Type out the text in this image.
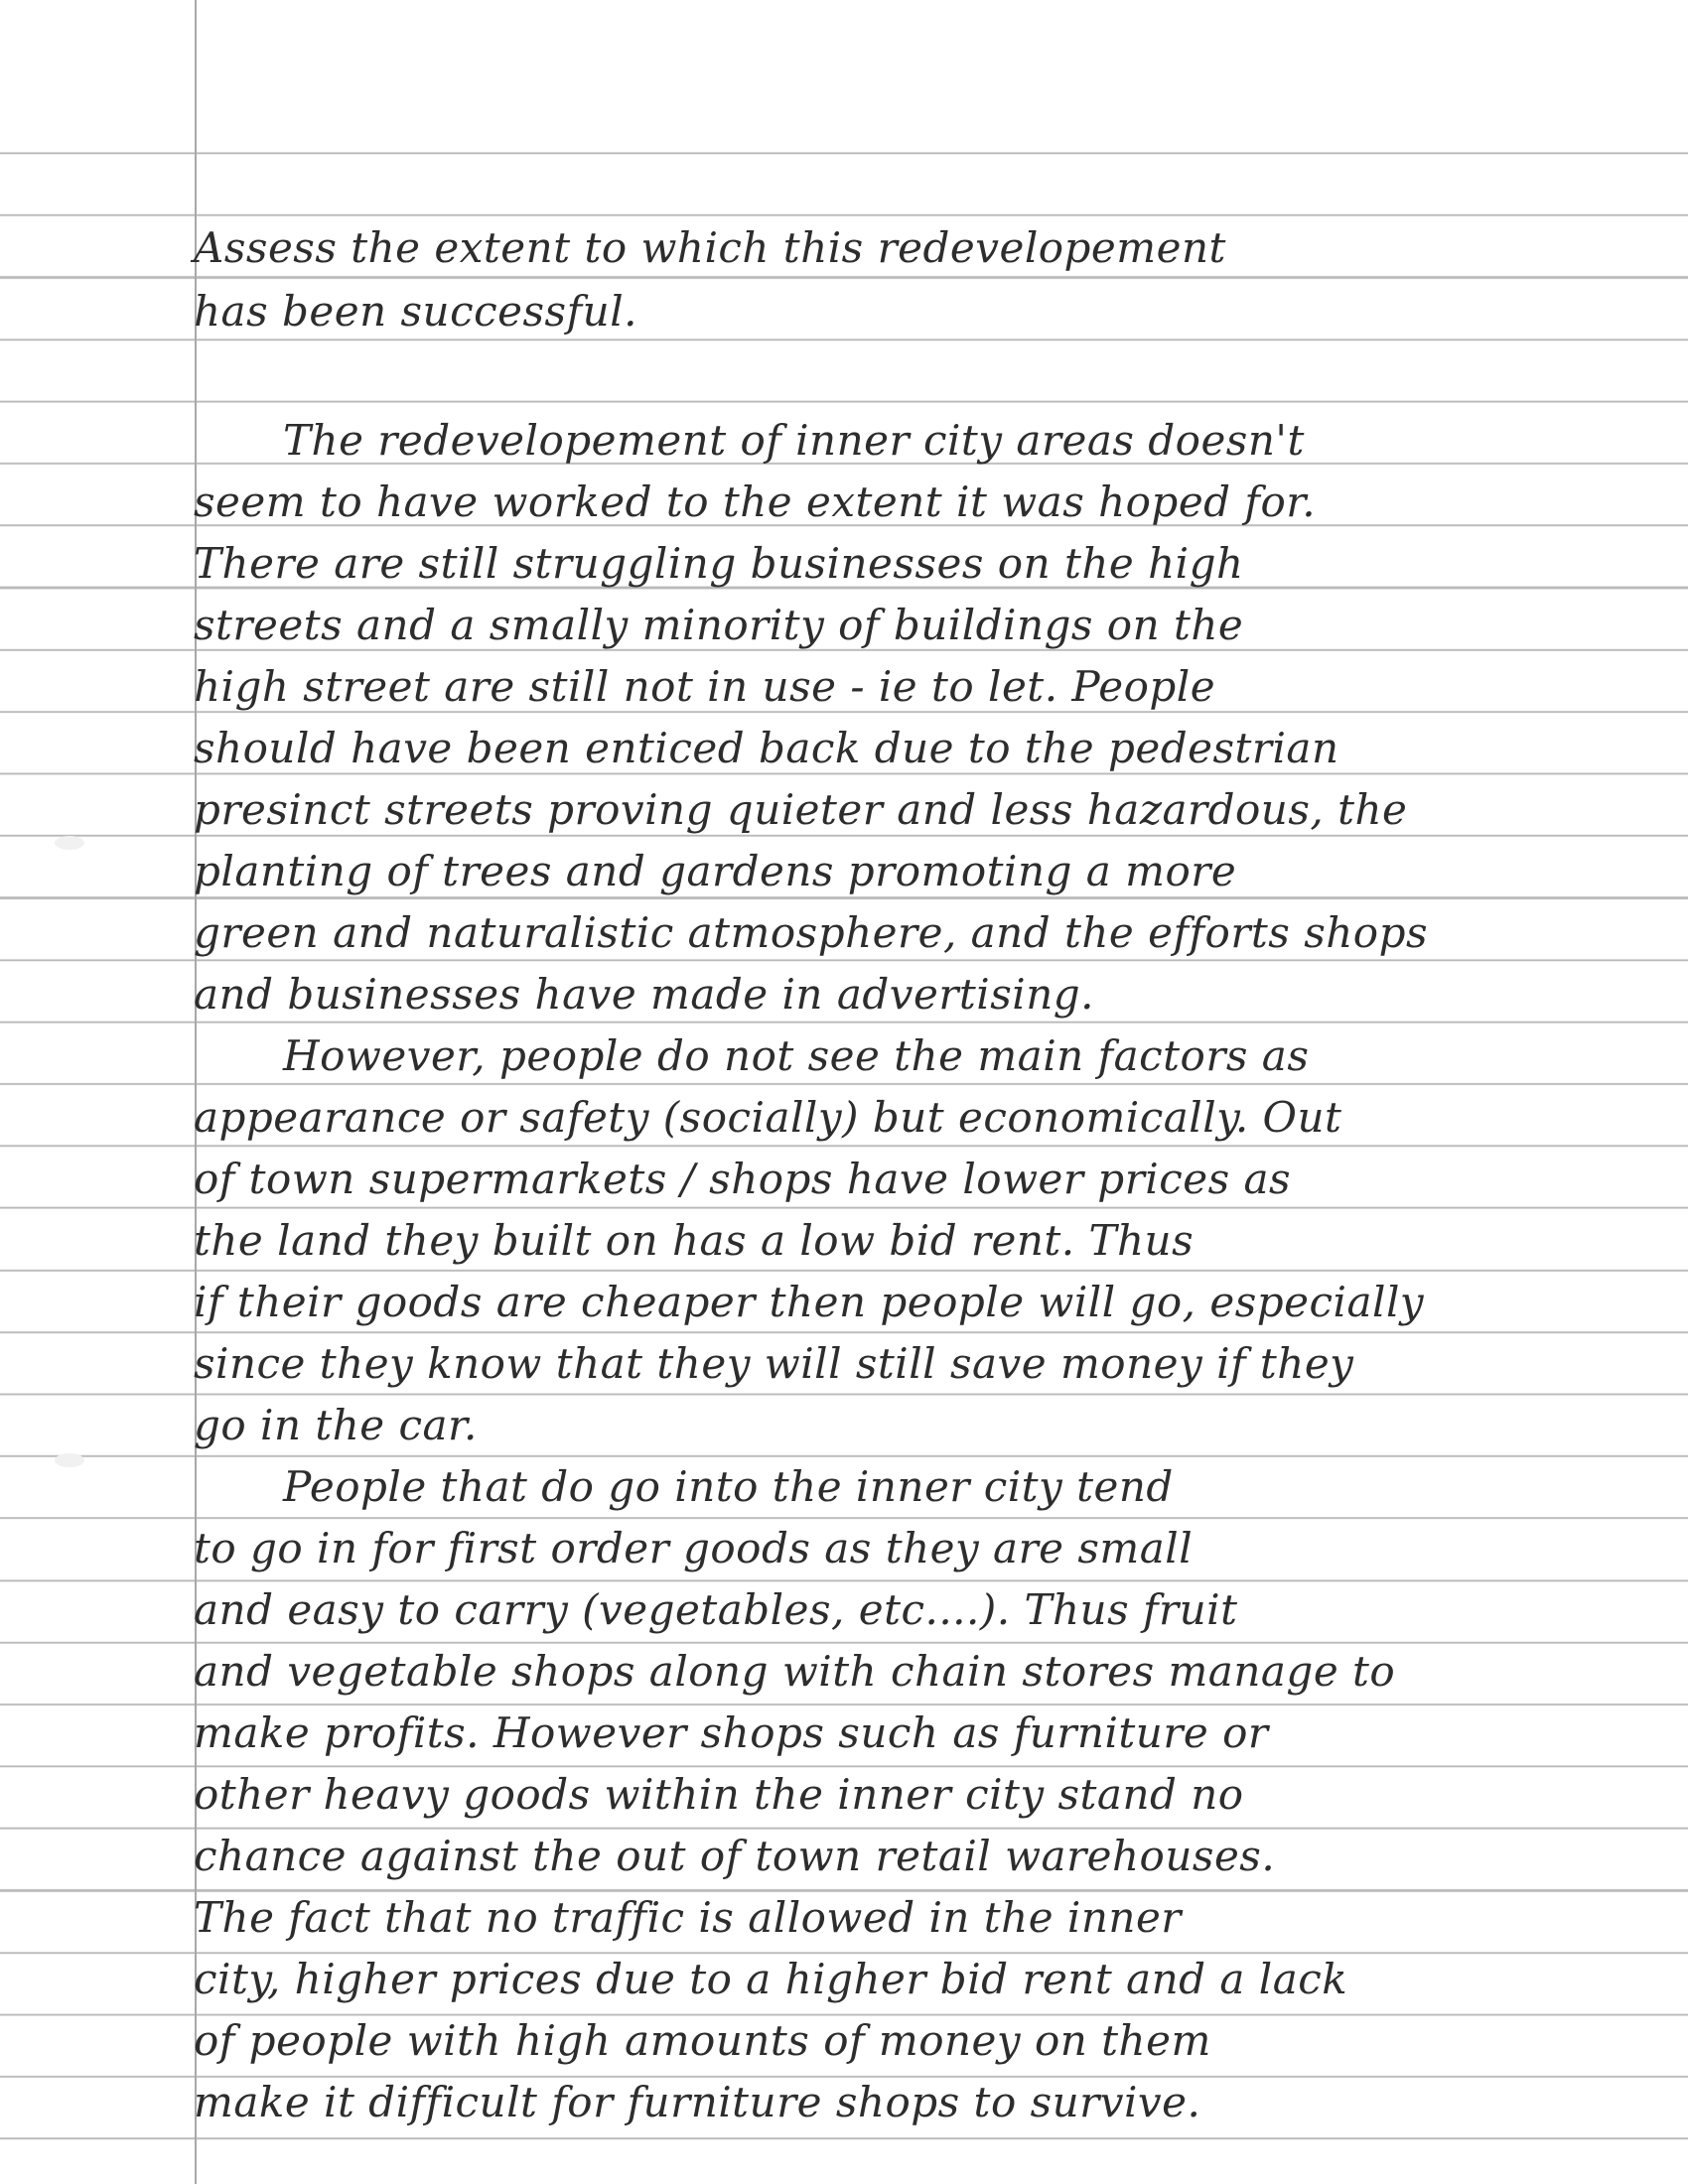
Assess the extent to which this redevelopement
has been successful.
The redevelopement of inner city areas doesn't
seem to have worked to the extent it was hoped for.
There are still struggling businesses on the high
streets and a smally minority of buildings on the
high street are still not in use - ie to let. People
should have been enticed back due to the pedestrian
presinct streets proving quieter and less hazardous, the
planting of trees and gardens promoting a more
green and naturalistic atmosphere, and the efforts shops
and businesses have made in advertising.
However, people do not see the main factors as
appearance or safety (socially) but economically. Out
of town supermarkets / shops have lower prices as
the land they built on has a low bid rent. Thus
if their goods are cheaper then people will go, especially
since they know that they will still save money if they
go in the car.
People that do go into the inner city tend
to go in for first order goods as they are small
and easy to carry (vegetables, etc....). Thus fruit
and vegetable shops along with chain stores manage to
make profits. However shops such as furniture or
other heavy goods within the inner city stand no
chance against the out of town retail warehouses.
The fact that no traffic is allowed in the inner
city, higher prices due to a higher bid rent and a lack
of people with high amounts of money on them
make it difficult for furniture shops to survive.
